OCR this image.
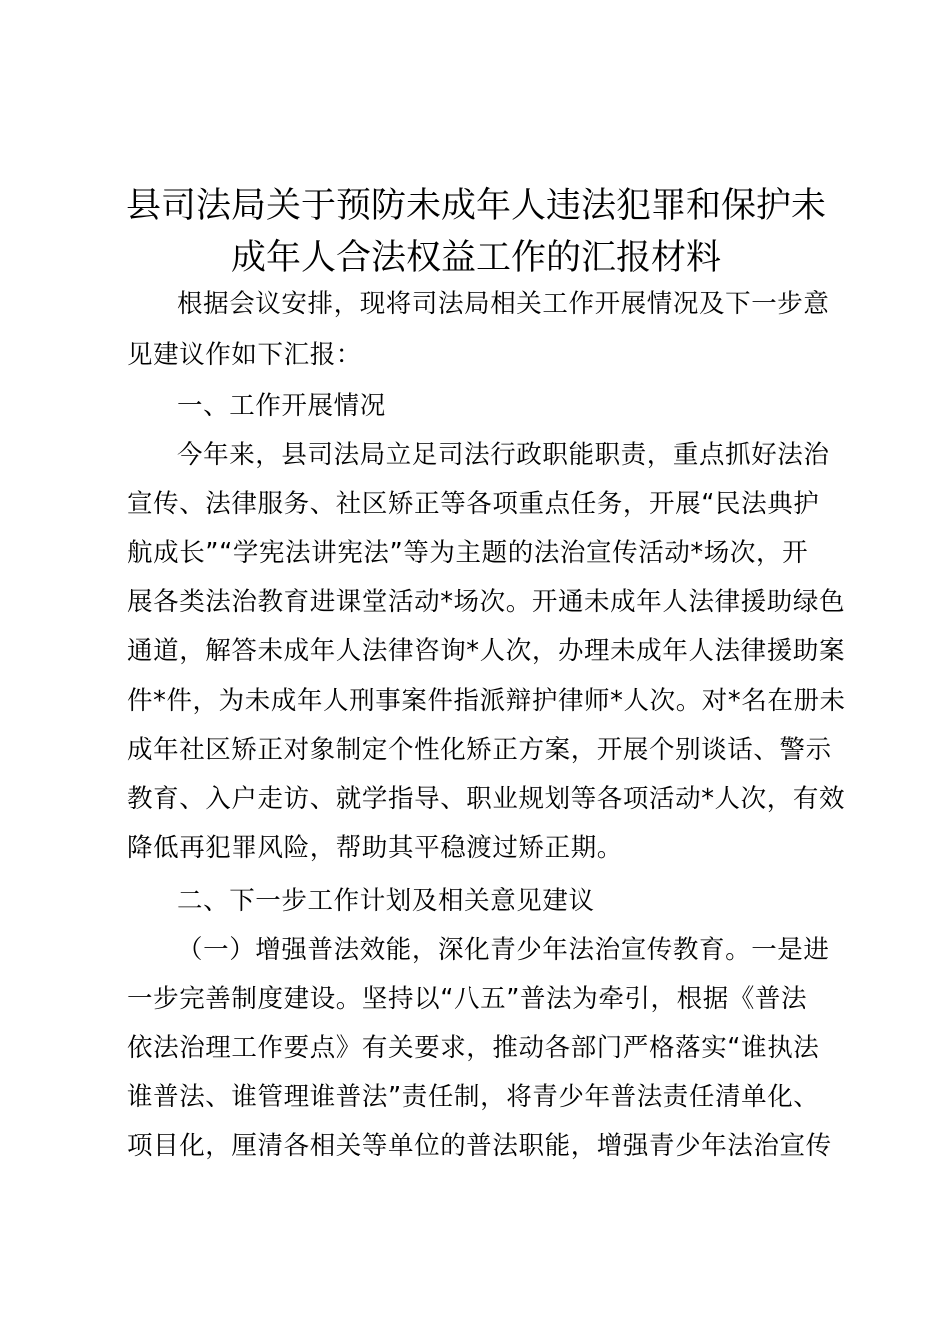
县司法局关于预防未成年人违法犯罪和保护未
成年人合法权益工作的汇报材料
根据会议安排，现将司法局相关工作开展情况及下一步意
见建议作如下汇报：
一、工作开展情况
今年来，县司法局立足司法行政职能职责，重点抓好法治
宣传、法律服务、社区矫正等各项重点任务，开展“民法典护
航成长”“学宪法讲宪法”等为主题的法治宣传活动*场次，开
展各类法治教育进课堂活动*场次。开通未成年人法律援助绿色
通道，解答未成年人法律咨询*人次，办理未成年人法律援助案
件*件，为未成年人刑事案件指派辩护律师*人次。对*名在册未
成年社区矫正对象制定个性化矫正方案，开展个别谈话、警示
教育、入户走访、就学指导、职业规划等各项活动*人次，有效
降低再犯罪风险，帮助其平稳渡过矫正期。
二、下一步工作计划及相关意见建议
（一）增强普法效能，深化青少年法治宣传教育。一是进
一步完善制度建设。坚持以“八五”普法为牵引，根据《普法
依法治理工作要点》有关要求，推动各部门严格落实“谁执法
谁普法、谁管理谁普法”责任制，将青少年普法责任清单化、
项目化，厘清各相关等单位的普法职能，增强青少年法治宣传
